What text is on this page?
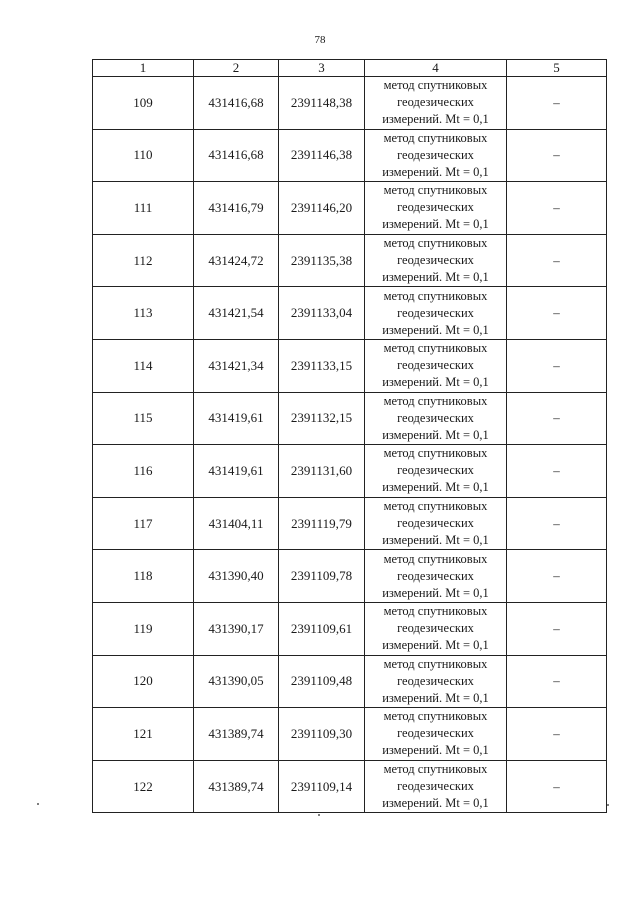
78
1	2	3	4	5
109	431416,68	2391148,38	метод спутниковых
геодезических
измерений. Mt = 0,1	–
110	431416,68	2391146,38	метод спутниковых
геодезических
измерений. Mt = 0,1	–
111	431416,79	2391146,20	метод спутниковых
геодезических
измерений. Mt = 0,1	–
112	431424,72	2391135,38	метод спутниковых
геодезических
измерений. Mt = 0,1	–
113	431421,54	2391133,04	метод спутниковых
геодезических
измерений. Mt = 0,1	–
114	431421,34	2391133,15	метод спутниковых
геодезических
измерений. Mt = 0,1	–
115	431419,61	2391132,15	метод спутниковых
геодезических
измерений. Mt = 0,1	–
116	431419,61	2391131,60	метод спутниковых
геодезических
измерений. Mt = 0,1	–
117	431404,11	2391119,79	метод спутниковых
геодезических
измерений. Mt = 0,1	–
118	431390,40	2391109,78	метод спутниковых
геодезических
измерений. Mt = 0,1	–
119	431390,17	2391109,61	метод спутниковых
геодезических
измерений. Mt = 0,1	–
120	431390,05	2391109,48	метод спутниковых
геодезических
измерений. Mt = 0,1	–
121	431389,74	2391109,30	метод спутниковых
геодезических
измерений. Mt = 0,1	–
122	431389,74	2391109,14	метод спутниковых
геодезических
измерений. Mt = 0,1	–
